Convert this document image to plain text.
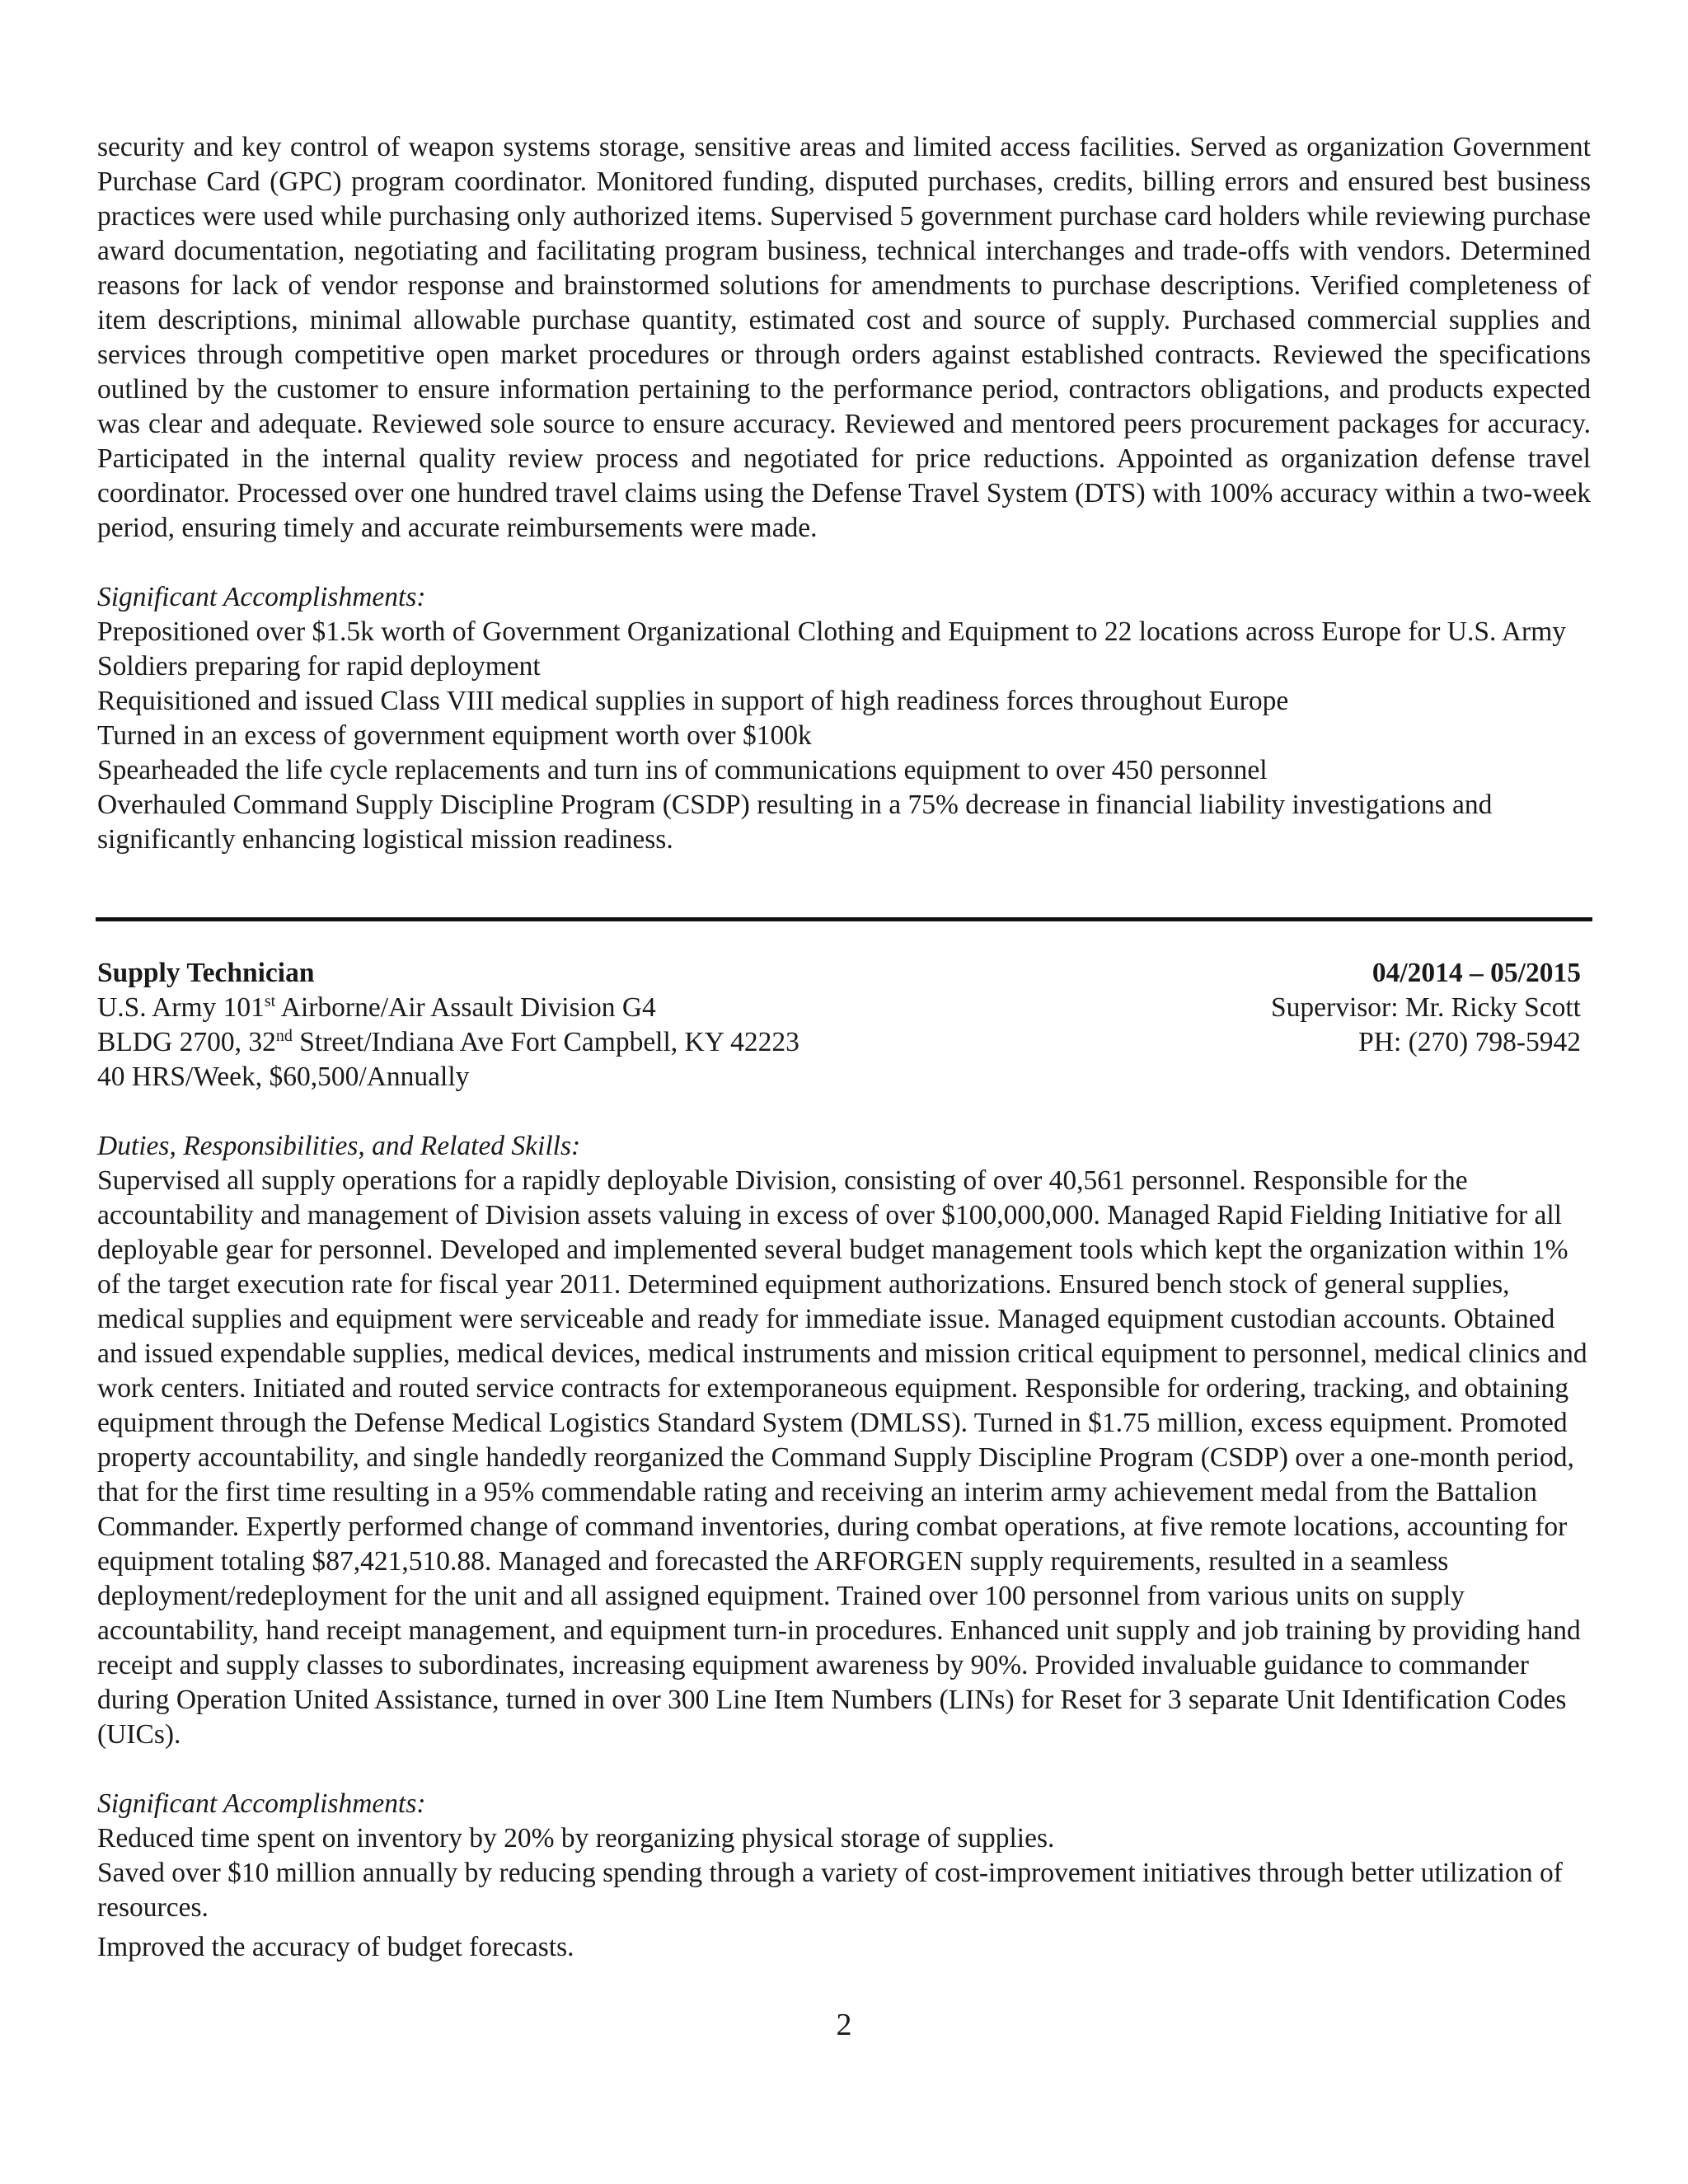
security and key control of weapon systems storage, sensitive areas and limited access facilities. Served as organization Government Purchase Card (GPC) program coordinator. Monitored funding, disputed purchases, credits, billing errors and ensured best business practices were used while purchasing only authorized items. Supervised 5 government purchase card holders while reviewing purchase award documentation, negotiating and facilitating program business, technical interchanges and trade-offs with vendors. Determined reasons for lack of vendor response and brainstormed solutions for amendments to purchase descriptions. Verified completeness of item descriptions, minimal allowable purchase quantity, estimated cost and source of supply. Purchased commercial supplies and services through competitive open market procedures or through orders against established contracts. Reviewed the specifications outlined by the customer to ensure information pertaining to the performance period, contractors obligations, and products expected was clear and adequate. Reviewed sole source to ensure accuracy. Reviewed and mentored peers procurement packages for accuracy. Participated in the internal quality review process and negotiated for price reductions. Appointed as organization defense travel coordinator. Processed over one hundred travel claims using the Defense Travel System (DTS) with 100% accuracy within a two-week period, ensuring timely and accurate reimbursements were made.

Significant Accomplishments:

Prepositioned over $1.5k worth of Government Organizational Clothing and Equipment to 22 locations across Europe for U.S. Army Soldiers preparing for rapid deployment

Requisitioned and issued Class VIII medical supplies in support of high readiness forces throughout Europe

Turned in an excess of government equipment worth over $100k

Spearheaded the life cycle replacements and turn ins of communications equipment to over 450 personnel

Overhauled Command Supply Discipline Program (CSDP) resulting in a 75% decrease in financial liability investigations and significantly enhancing logistical mission readiness.

Supply Technician	04/2014 – 05/2015
U.S. Army 101st Airborne/Air Assault Division G4	Supervisor: Mr. Ricky Scott
BLDG 2700, 32nd Street/Indiana Ave Fort Campbell, KY 42223	PH: (270) 798-5942
40 HRS/Week, $60,500/Annually

Duties, Responsibilities, and Related Skills:

Supervised all supply operations for a rapidly deployable Division, consisting of over 40,561 personnel. Responsible for the accountability and management of Division assets valuing in excess of over $100,000,000. Managed Rapid Fielding Initiative for all deployable gear for personnel. Developed and implemented several budget management tools which kept the organization within 1% of the target execution rate for fiscal year 2011. Determined equipment authorizations. Ensured bench stock of general supplies, medical supplies and equipment were serviceable and ready for immediate issue. Managed equipment custodian accounts. Obtained and issued expendable supplies, medical devices, medical instruments and mission critical equipment to personnel, medical clinics and work centers. Initiated and routed service contracts for extemporaneous equipment. Responsible for ordering, tracking, and obtaining equipment through the Defense Medical Logistics Standard System (DMLSS). Turned in $1.75 million, excess equipment. Promoted property accountability, and single handedly reorganized the Command Supply Discipline Program (CSDP) over a one-month period, that for the first time resulting in a 95% commendable rating and receiving an interim army achievement medal from the Battalion Commander. Expertly performed change of command inventories, during combat operations, at five remote locations, accounting for equipment totaling $87,421,510.88. Managed and forecasted the ARFORGEN supply requirements, resulted in a seamless deployment/redeployment for the unit and all assigned equipment. Trained over 100 personnel from various units on supply accountability, hand receipt management, and equipment turn-in procedures. Enhanced unit supply and job training by providing hand receipt and supply classes to subordinates, increasing equipment awareness by 90%. Provided invaluable guidance to commander during Operation United Assistance, turned in over 300 Line Item Numbers (LINs) for Reset for 3 separate Unit Identification Codes (UICs).

Significant Accomplishments:

Reduced time spent on inventory by 20% by reorganizing physical storage of supplies.

Saved over $10 million annually by reducing spending through a variety of cost-improvement initiatives through better utilization of resources.

Improved the accuracy of budget forecasts.

2
